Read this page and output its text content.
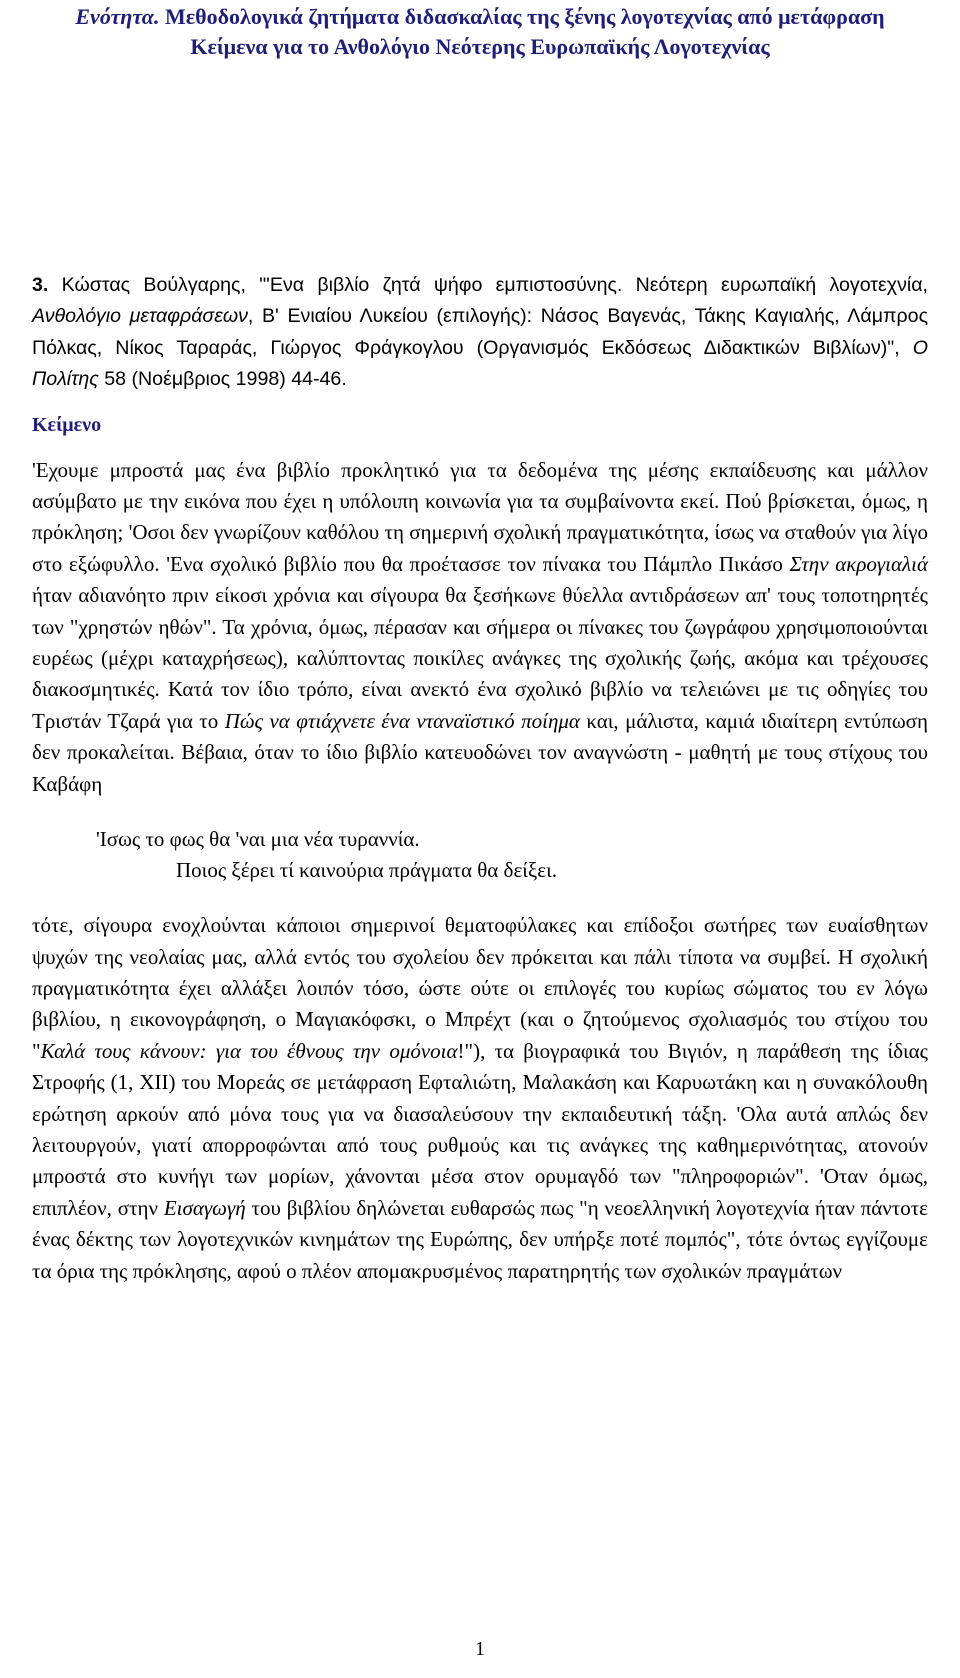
Ενότητα. Μεθοδολογικά ζητήματα διδασκαλίας της ξένης λογοτεχνίας από μετάφραση
Κείμενα για το Ανθολόγιο Νεότερης Ευρωπαϊκής Λογοτεχνίας

3. Κώστας Βούλγαρης, "'Ενα βιβλίο ζητά ψήφο εμπιστοσύνης. Νεότερη ευρωπαϊκή λογοτεχνία, Ανθολόγιο μεταφράσεων, Β' Ενιαίου Λυκείου (επιλογής): Νάσος Βαγενάς, Τάκης Καγιαλής, Λάμπρος Πόλκας, Νίκος Ταραράς, Γιώργος Φράγκογλου (Οργανισμός Εκδόσεως Διδακτικών Βιβλίων)", Ο Πολίτης 58 (Νοέμβριος 1998) 44-46.

Κείμενο

'Εχουμε μπροστά μας ένα βιβλίο προκλητικό για τα δεδομένα της μέσης εκπαίδευσης και μάλλον ασύμβατο με την εικόνα που έχει η υπόλοιπη κοινωνία για τα συμβαίνοντα εκεί. Πού βρίσκεται, όμως, η πρόκληση; 'Οσοι δεν γνωρίζουν καθόλου τη σημερινή σχολική πραγματικότητα, ίσως να σταθούν για λίγο στο εξώφυλλο. 'Ενα σχολικό βιβλίο που θα προέτασσε τον πίνακα του Πάμπλο Πικάσο Στην ακρογιαλιά ήταν αδιανόητο πριν είκοσι χρόνια και σίγουρα θα ξεσήκωνε θύελλα αντιδράσεων απ' τους τοποτηρητές των "χρηστών ηθών". Τα χρόνια, όμως, πέρασαν και σήμερα οι πίνακες του ζωγράφου χρησιμοποιούνται ευρέως (μέχρι καταχρήσεως), καλύπτοντας ποικίλες ανάγκες της σχολικής ζωής, ακόμα και τρέχουσες διακοσμητικές. Κατά τον ίδιο τρόπο, είναι ανεκτό ένα σχολικό βιβλίο να τελειώνει με τις οδηγίες του Τριστάν Τζαρά για το Πώς να φτιάχνετε ένα νταναϊστικό ποίημα και, μάλιστα, καμιά ιδιαίτερη εντύπωση δεν προκαλείται. Βέβαια, όταν το ίδιο βιβλίο κατευοδώνει τον αναγνώστη - μαθητή με τους στίχους του Καβάφη

'Ισως το φως θα 'ναι μια νέα τυραννία.
Ποιος ξέρει τί καινούρια πράγματα θα δείξει.

τότε, σίγουρα ενοχλούνται κάποιοι σημερινοί θεματοφύλακες και επίδοξοι σωτήρες των ευαίσθητων ψυχών της νεολαίας μας, αλλά εντός του σχολείου δεν πρόκειται και πάλι τίποτα να συμβεί. Η σχολική πραγματικότητα έχει αλλάξει λοιπόν τόσο, ώστε ούτε οι επιλογές του κυρίως σώματος του εν λόγω βιβλίου, η εικονογράφηση, ο Μαγιακόφσκι, ο Μπρέχτ (και ο ζητούμενος σχολιασμός του στίχου του "Καλά τους κάνουν: για του έθνους την ομόνοια!"), τα βιογραφικά του Βιγιόν, η παράθεση της ίδιας Στροφής (1, XII) του Μορεάς σε μετάφραση Εφταλιώτη, Μαλακάση και Καρυωτάκη και η συνακόλουθη ερώτηση αρκούν από μόνα τους για να διασαλεύσουν την εκπαιδευτική τάξη. 'Ολα αυτά απλώς δεν λειτουργούν, γιατί απορροφώνται από τους ρυθμούς και τις ανάγκες της καθημερινότητας, ατονούν μπροστά στο κυνήγι των μορίων, χάνονται μέσα στον ορυμαγδό των "πληροφοριών". 'Οταν όμως, επιπλέον, στην Εισαγωγή του βιβλίου δηλώνεται ευθαρσώς πως "η νεοελληνική λογοτεχνία ήταν πάντοτε ένας δέκτης των λογοτεχνικών κινημάτων της Ευρώπης, δεν υπήρξε ποτέ πομπός", τότε όντως εγγίζουμε τα όρια της πρόκλησης, αφού ο πλέον απομακρυσμένος παρατηρητής των σχολικών πραγμάτων

1
